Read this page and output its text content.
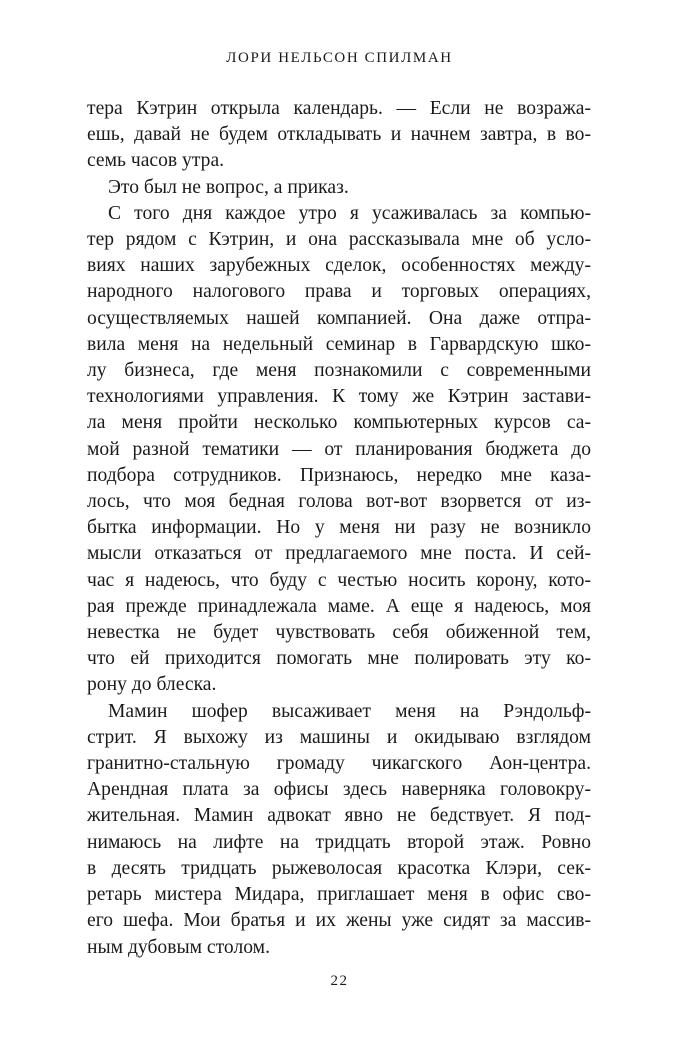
ЛОРИ НЕЛЬСОН СПИЛМАН
тера Кэтрин открыла календарь. — Если не возража-
ешь, давай не будем откладывать и начнем завтра, в во-
семь часов утра.
Это был не вопрос, а приказ.
С того дня каждое утро я усаживалась за компью-
тер рядом с Кэтрин, и она рассказывала мне об усло-
виях наших зарубежных сделок, особенностях между-
народного налогового права и торговых операциях,
осуществляемых нашей компанией. Она даже отпра-
вила меня на недельный семинар в Гарвардскую шко-
лу бизнеса, где меня познакомили с современными
технологиями управления. К тому же Кэтрин застави-
ла меня пройти несколько компьютерных курсов са-
мой разной тематики — от планирования бюджета до
подбора сотрудников. Признаюсь, нередко мне каза-
лось, что моя бедная голова вот-вот взорвется от из-
бытка информации. Но у меня ни разу не возникло
мысли отказаться от предлагаемого мне поста. И сей-
час я надеюсь, что буду с честью носить корону, кото-
рая прежде принадлежала маме. А еще я надеюсь, моя
невестка не будет чувствовать себя обиженной тем,
что ей приходится помогать мне полировать эту ко-
рону до блеска.
Мамин шофер высаживает меня на Рэндольф-
стрит. Я выхожу из машины и окидываю взглядом
гранитно-стальную громаду чикагского Аон-центра.
Арендная плата за офисы здесь наверняка головокру-
жительная. Мамин адвокат явно не бедствует. Я под-
нимаюсь на лифте на тридцать второй этаж. Ровно
в десять тридцать рыжеволосая красотка Клэри, сек-
ретарь мистера Мидара, приглашает меня в офис сво-
его шефа. Мои братья и их жены уже сидят за массив-
ным дубовым столом.
22
